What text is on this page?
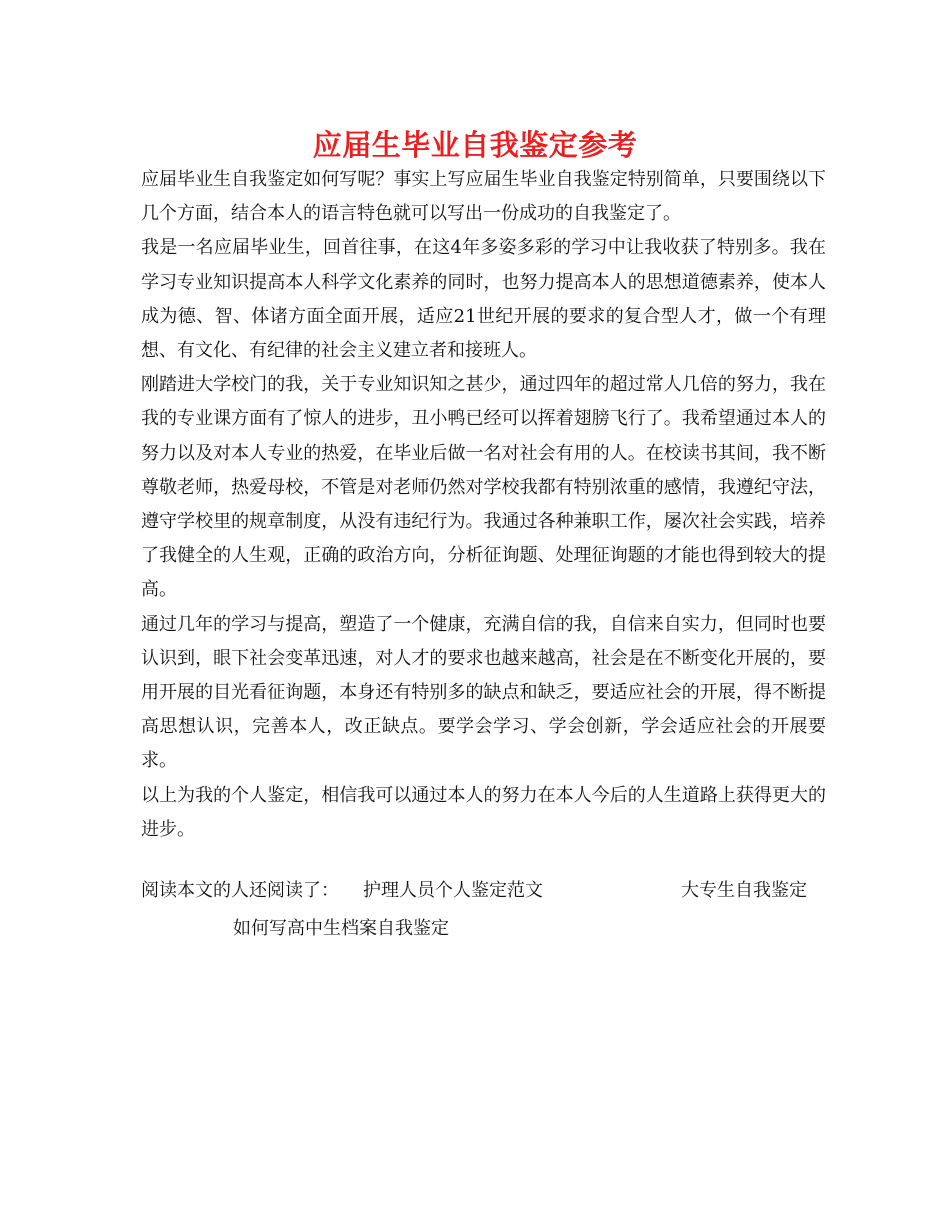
应届生毕业自我鉴定参考

应届毕业生自我鉴定如何写呢？事实上写应届生毕业自我鉴定特别简单，只要围绕以下几个方面，结合本人的语言特色就可以写出一份成功的自我鉴定了。

我是一名应届毕业生，回首往事，在这4年多姿多彩的学习中让我收获了特别多。我在学习专业知识提高本人科学文化素养的同时，也努力提高本人的思想道德素养，使本人成为德、智、体诸方面全面开展，适应21世纪开展的要求的复合型人才，做一个有理想、有文化、有纪律的社会主义建立者和接班人。

刚踏进大学校门的我，关于专业知识知之甚少，通过四年的超过常人几倍的努力，我在我的专业课方面有了惊人的进步，丑小鸭已经可以挥着翅膀飞行了。我希望通过本人的努力以及对本人专业的热爱，在毕业后做一名对社会有用的人。在校读书其间，我不断尊敬老师，热爱母校，不管是对老师仍然对学校我都有特别浓重的感情，我遵纪守法，遵守学校里的规章制度，从没有违纪行为。我通过各种兼职工作，屡次社会实践，培养了我健全的人生观，正确的政治方向，分析征询题、处理征询题的才能也得到较大的提高。

通过几年的学习与提高，塑造了一个健康，充满自信的我，自信来自实力，但同时也要认识到，眼下社会变革迅速，对人才的要求也越来越高，社会是在不断变化开展的，要用开展的目光看征询题，本身还有特别多的缺点和缺乏，要适应社会的开展，得不断提高思想认识，完善本人，改正缺点。要学会学习、学会创新，学会适应社会的开展要求。

以上为我的个人鉴定，相信我可以通过本人的努力在本人今后的人生道路上获得更大的进步。

阅读本文的人还阅读了： 护理人员个人鉴定范文	大专生自我鉴定
如何写高中生档案自我鉴定
